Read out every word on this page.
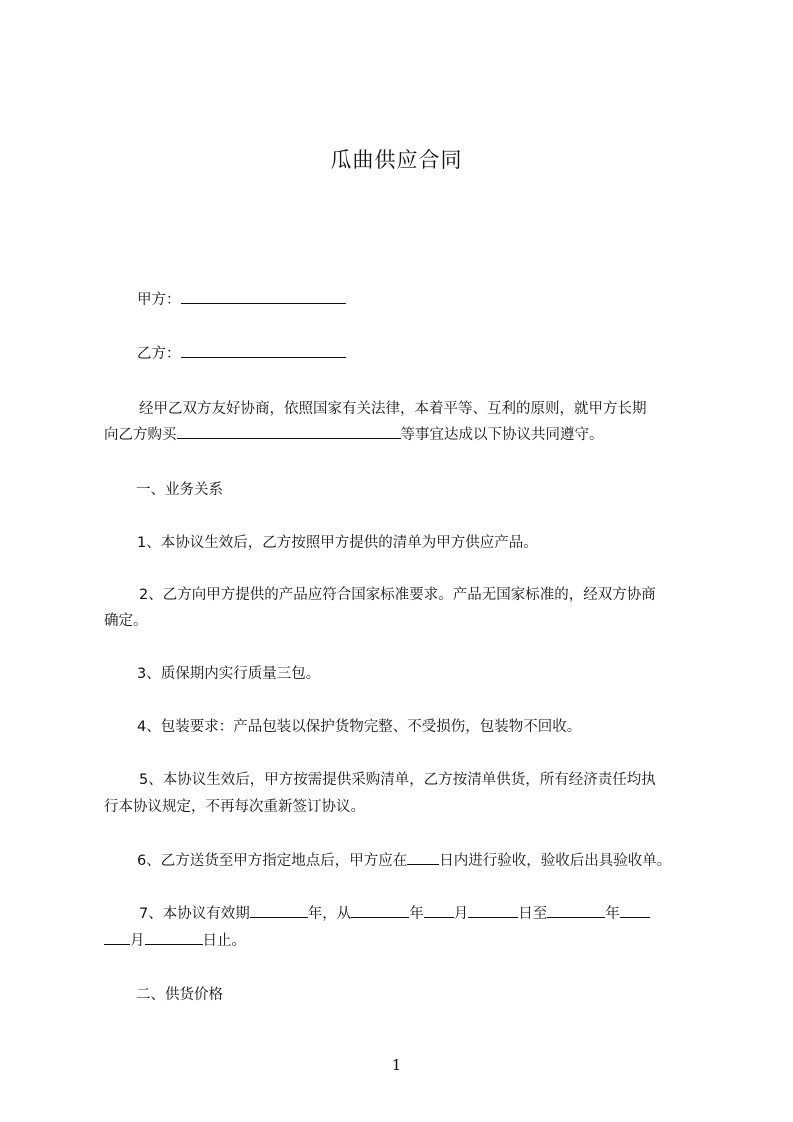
瓜曲供应合同
甲方：
乙方：
经甲乙双方友好协商，依照国家有关法律，本着平等、互利的原则，就甲方长期
向乙方购买	等事宜达成以下协议共同遵守。
一、业务关系
1、本协议生效后，乙方按照甲方提供的清单为甲方供应产品。
2、乙方向甲方提供的产品应符合国家标准要求。产品无国家标准的，经双方协商
确定。
3、质保期内实行质量三包。
4、包装要求：产品包装以保护货物完整、不受损伤，包装物不回收。
5、本协议生效后，甲方按需提供采购清单，乙方按清单供货，所有经济责任均执
行本协议规定，不再每次重新签订协议。
6、乙方送货至甲方指定地点后，甲方应在 日内进行验收，验收后出具验收单。
7、本协议有效期	年，从	年 月	日至	年
月	日止。
二、供货价格
1
